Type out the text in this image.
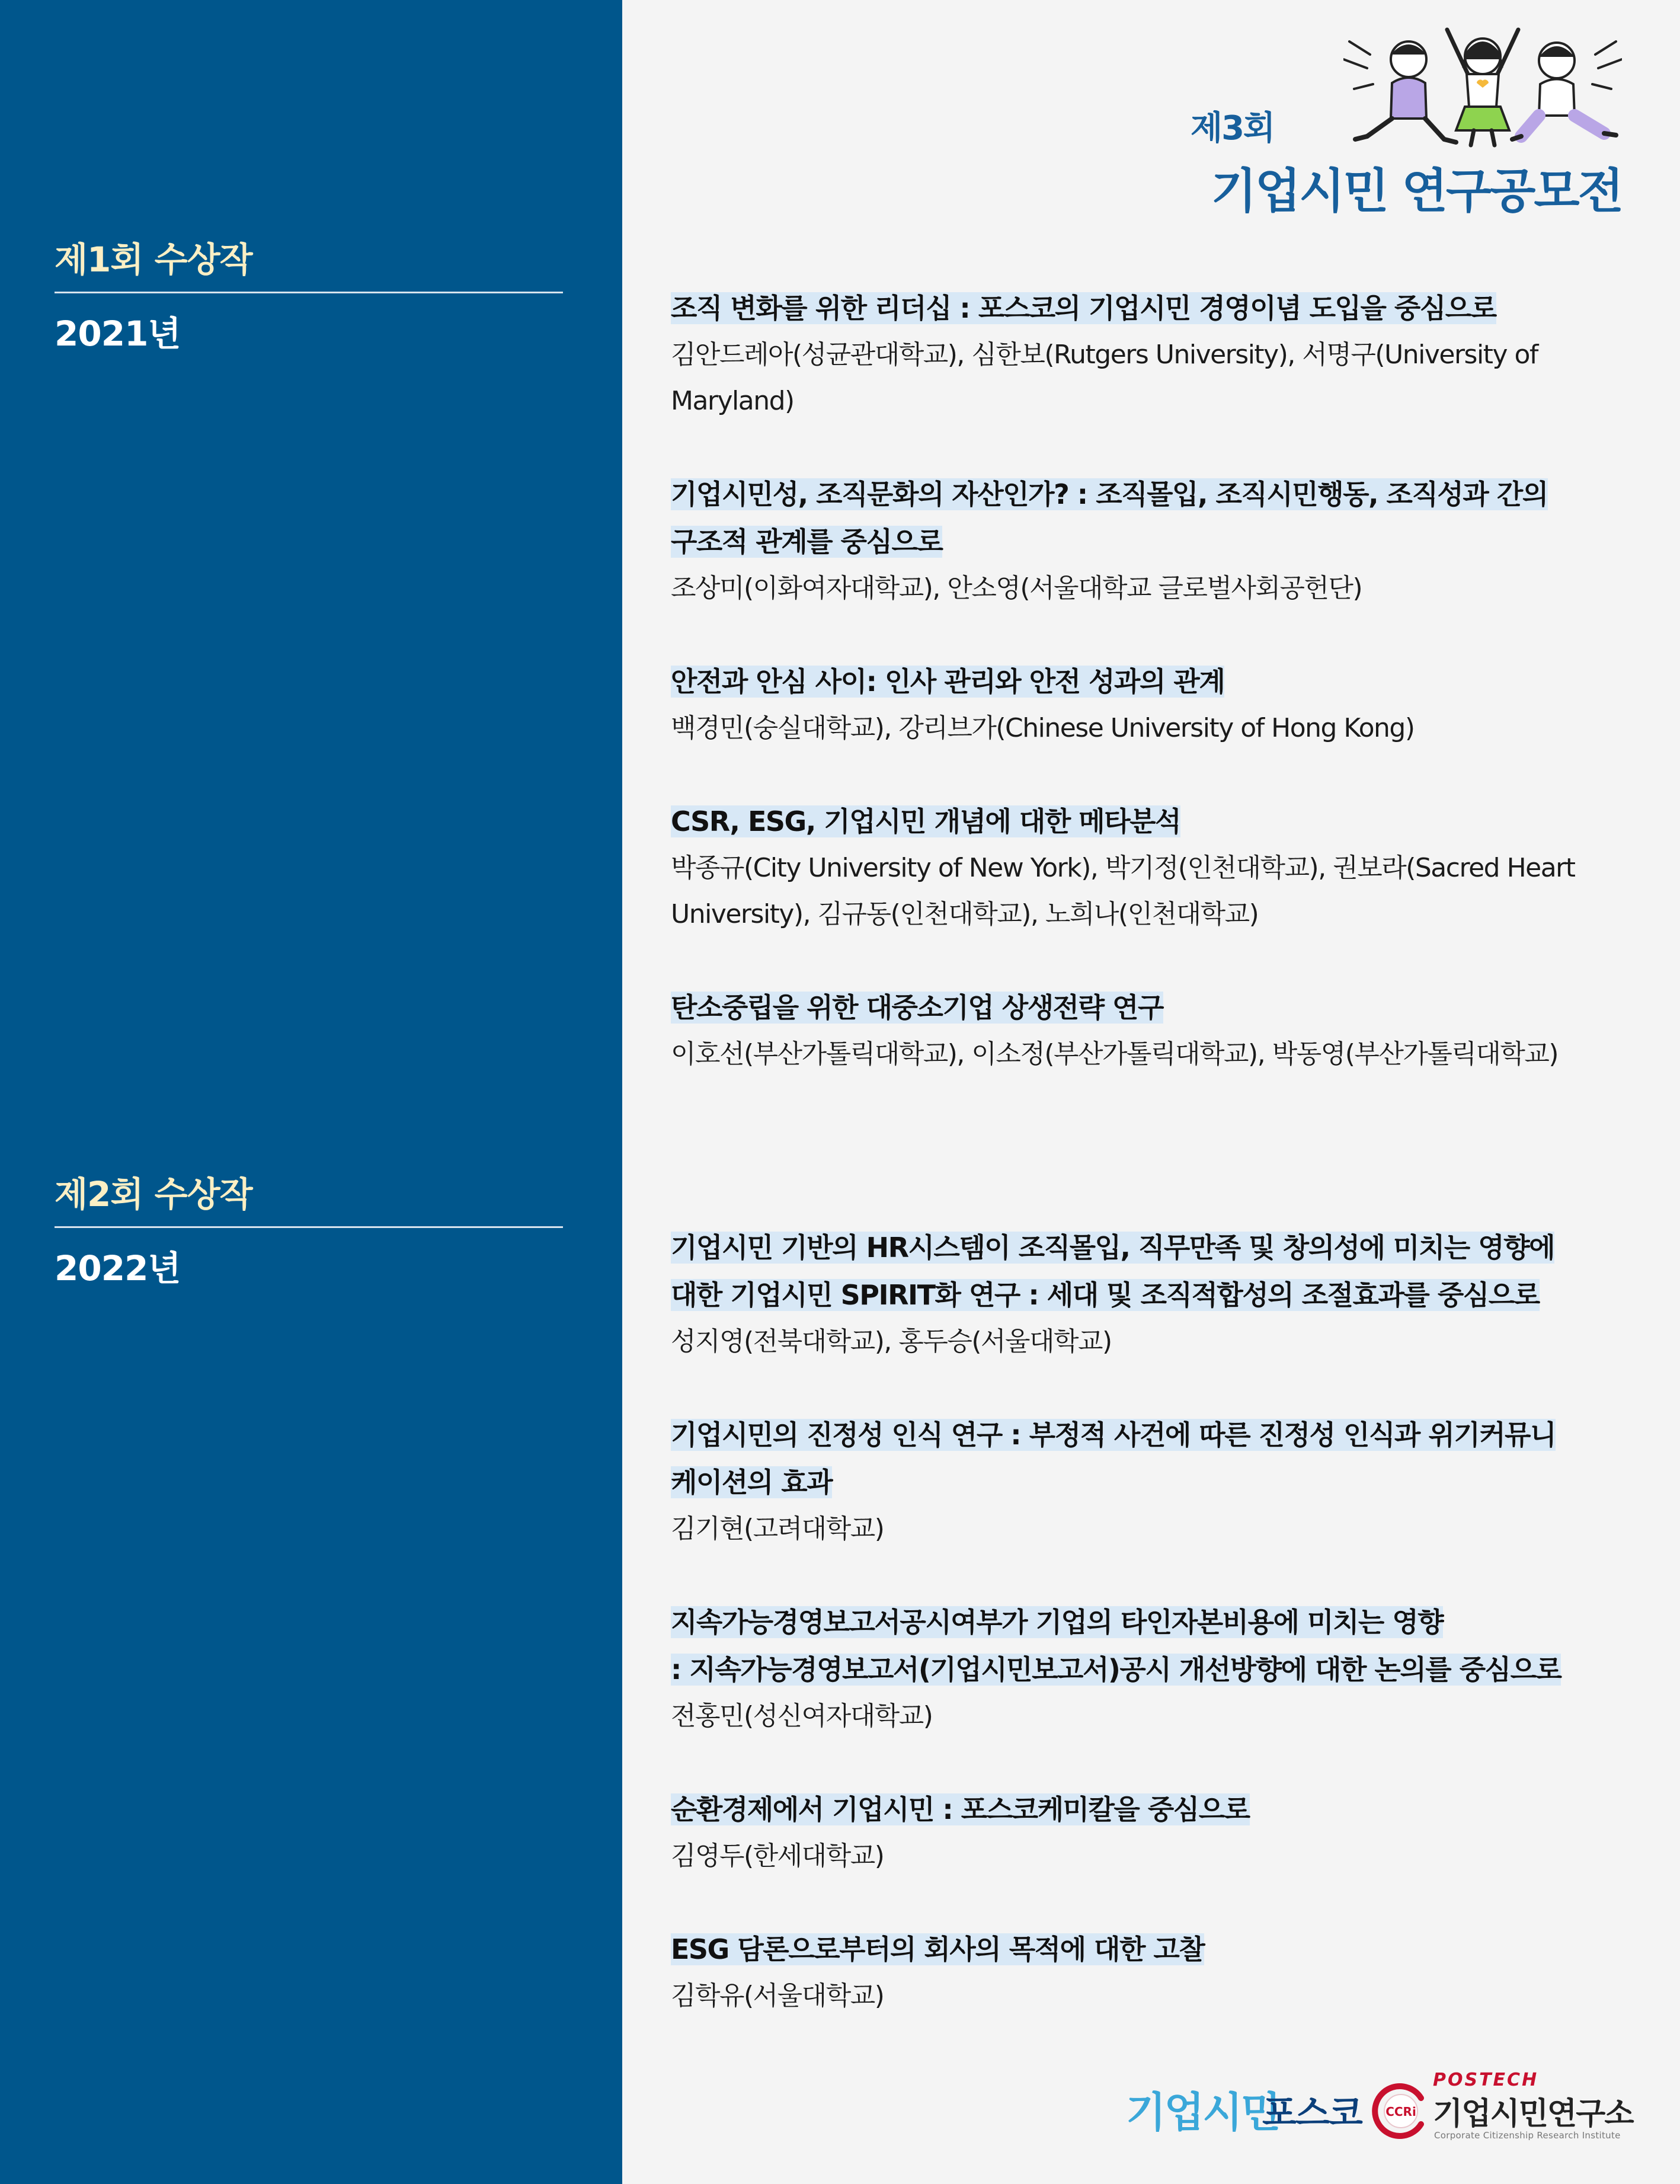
제1회 수상작
2021년
제2회 수상작
2022년
제3회
기업시민 연구공모전
조직 변화를 위한 리더십 : 포스코의 기업시민 경영이념 도입을 중심으로
김안드레아(성균관대학교), 심한보(Rutgers University), 서명구(University of Maryland)
기업시민성, 조직문화의 자산인가? : 조직몰입, 조직시민행동, 조직성과 간의
구조적 관계를 중심으로
조상미(이화여자대학교), 안소영(서울대학교 글로벌사회공헌단)
안전과 안심 사이: 인사 관리와 안전 성과의 관계
백경민(숭실대학교), 강리브가(Chinese University of Hong Kong)
CSR, ESG, 기업시민 개념에 대한 메타분석
박종규(City University of New York), 박기정(인천대학교), 권보라(Sacred Heart University), 김규동(인천대학교), 노희나(인천대학교)
탄소중립을 위한 대중소기업 상생전략 연구
이호선(부산가톨릭대학교), 이소정(부산가톨릭대학교), 박동영(부산가톨릭대학교)
기업시민 기반의 HR시스템이 조직몰입, 직무만족 및 창의성에 미치는 영향에
대한 기업시민 SPIRIT화 연구 : 세대 및 조직적합성의 조절효과를 중심으로
성지영(전북대학교), 홍두승(서울대학교)
기업시민의 진정성 인식 연구 : 부정적 사건에 따른 진정성 인식과 위기커뮤니
케이션의 효과
김기현(고려대학교)
지속가능경영보고서공시여부가 기업의 타인자본비용에 미치는 영향
: 지속가능경영보고서(기업시민보고서)공시 개선방향에 대한 논의를 중심으로
전홍민(성신여자대학교)
순환경제에서 기업시민 : 포스코케미칼을 중심으로
김영두(한세대학교)
ESG 담론으로부터의 회사의 목적에 대한 고찰
김학유(서울대학교)
기업시민
포스코 CCRi
POSTECH
기업시민연구소
Corporate Citizenship Research Institute
